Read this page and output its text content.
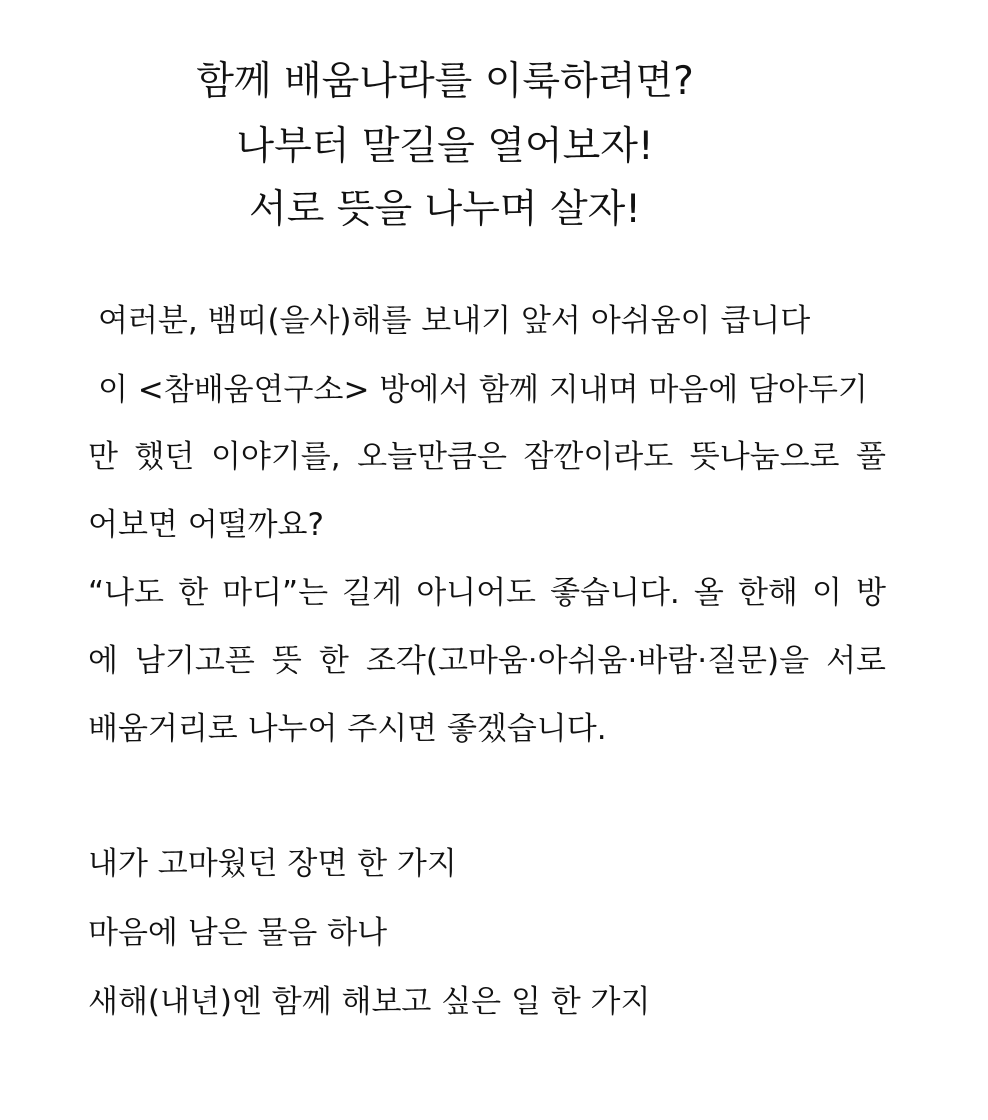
함께 배움나라를 이룩하려면?
나부터 말길을 열어보자!
서로 뜻을 나누며 살자!
여러분, 뱀띠(을사)해를 보내기 앞서 아쉬움이 큽니다
이 <참배움연구소> 방에서 함께 지내며 마음에 담아두기
만 했던 이야기를, 오늘만큼은 잠깐이라도 뜻나눔으로 풀
어보면 어떨까요?
“나도 한 마디”는 길게 아니어도 좋습니다. 올 한해 이 방
에 남기고픈 뜻 한 조각(고마움·아쉬움·바람·질문)을 서로
배움거리로 나누어 주시면 좋겠습니다.
내가 고마웠던 장면 한 가지
마음에 남은 물음 하나
새해(내년)엔 함께 해보고 싶은 일 한 가지
